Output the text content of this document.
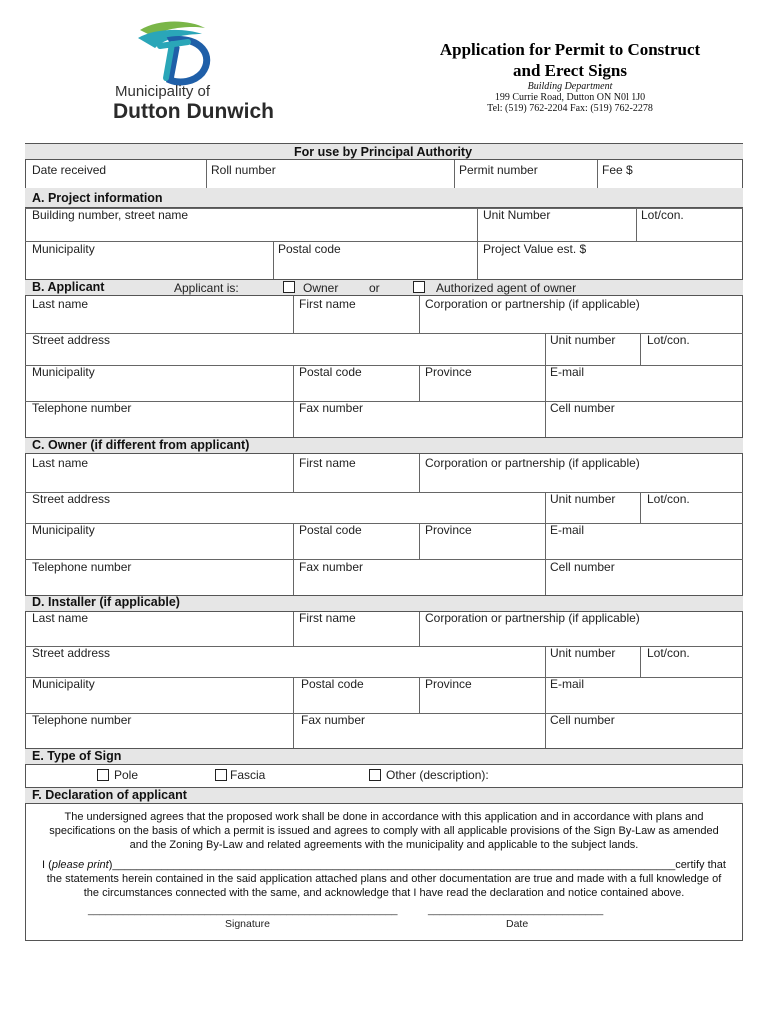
Municipality of
Dutton Dunwich
Application for Permit to Construct
and Erect Signs
Building Department
199 Currie Road, Dutton ON N0l 1J0
Tel: (519) 762-2204 Fax: (519) 762-2278
For use by Principal Authority
Date received	Roll number	Permit number	Fee $
A. Project information
Building number, street name	Unit Number	Lot/con.
Municipality	Postal code	Project Value est. $
B. Applicant	Applicant is:	Owner	or	Authorized agent of owner
Last name	First name	Corporation or partnership (if applicable)
Street address	Unit number	Lot/con.
Municipality	Postal code	Province	E-mail
Telephone number	Fax number	Cell number
C. Owner (if different from applicant)
Last name	First name	Corporation or partnership (if applicable)
Street address	Unit number	Lot/con.
Municipality	Postal code	Province	E-mail
Telephone number	Fax number	Cell number
D. Installer (if applicable)
Last name	First name	Corporation or partnership (if applicable)
Street address	Unit number	Lot/con.
Municipality	Postal code	Province	E-mail
Telephone number	Fax number	Cell number
E. Type of Sign
Pole	Fascia	Other (description):
F. Declaration of applicant
The undersigned agrees that the proposed work shall be done in accordance with this application and in accordance with plans and
specifications on the basis of which a permit is issued and agrees to comply with all applicable provisions of the Sign By-Law as amended
and the Zoning By-Law and related agreements with the municipality and applicable to the subject lands.
I (please print)____________________________________________________________________________________________certify that
the statements herein contained in the said application attached plans and other documentation are true and made with a full knowledge of
the circumstances connected with the same, and acknowledge that I have read the declaration and notice contained above.
_____________________________________________________	______________________________
Signature	Date
